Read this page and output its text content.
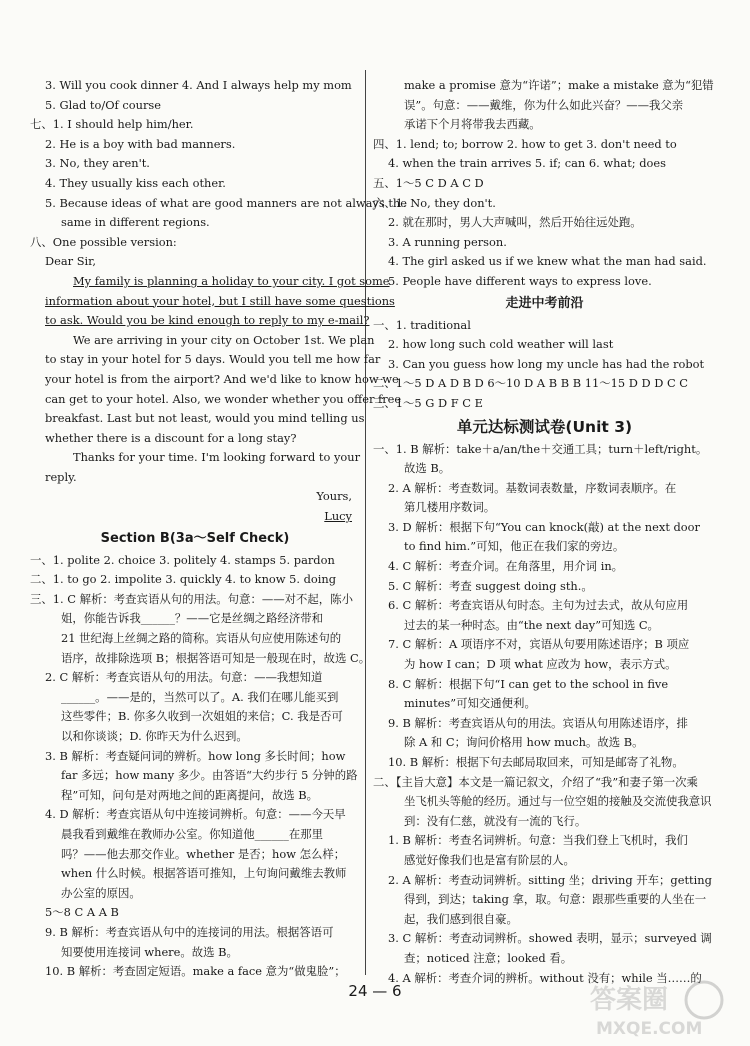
3. Will you cook dinner 4. And I always help my mom
5. Glad to/Of course
七、1. I should help him/her.
2. He is a boy with bad manners.
3. No, they aren't.
4. They usually kiss each other.
5. Because ideas of what are good manners are not always the
same in different regions.
八、One possible version:
Dear Sir,
My family is planning a holiday to your city. I got some
information about your hotel, but I still have some questions
to ask. Would you be kind enough to reply to my e-mail?
We are arriving in your city on October 1st. We plan
to stay in your hotel for 5 days. Would you tell me how far
your hotel is from the airport? And we'd like to know how we
can get to your hotel. Also, we wonder whether you offer free
breakfast. Last but not least, would you mind telling us
whether there is a discount for a long stay?
Thanks for your time. I'm looking forward to your
reply.
Yours,
Lucy
Section B(3a～Self Check)
一、1. polite 2. choice 3. politely 4. stamps 5. pardon
二、1. to go 2. impolite 3. quickly 4. to know 5. doing
三、1. C 解析：考查宾语从句的用法。句意：——对不起，陈小
姐，你能告诉我______？——它是丝绸之路经济带和
21 世纪海上丝绸之路的简称。宾语从句应使用陈述句的
语序，故排除选项 B；根据答语可知是一般现在时，故选 C。
2. C 解析：考查宾语从句的用法。句意：——我想知道
______。——是的，当然可以了。A. 我们在哪儿能买到
这些零件；B. 你多久收到一次姐姐的来信；C. 我是否可
以和你谈谈；D. 你昨天为什么迟到。
3. B 解析：考查疑问词的辨析。how long 多长时间；how
far 多远；how many 多少。由答语“大约步行 5 分钟的路
程”可知，问句是对两地之间的距离提问，故选 B。
4. D 解析：考查宾语从句中连接词辨析。句意：——今天早
晨我看到戴维在教师办公室。你知道他______在那里
吗？——他去那交作业。whether 是否；how 怎么样；
when 什么时候。根据答语可推知，上句询问戴维去教师
办公室的原因。
5～8 C A A B
9. B 解析：考查宾语从句中的连接词的用法。根据答语可
知要使用连接词 where。故选 B。
10. B 解析：考查固定短语。make a face 意为“做鬼脸”；
make a promise 意为“许诺”；make a mistake 意为“犯错
误”。句意：——戴维，你为什么如此兴奋？——我父亲
承诺下个月将带我去西藏。
四、1. lend; to; borrow 2. how to get 3. don't need to
4. when the train arrives 5. if; can 6. what; does
五、1～5 C D A C D
六、1. No, they don't.
2. 就在那时，男人大声喊叫，然后开始往远处跑。
3. A running person.
4. The girl asked us if we knew what the man had said.
5. People have different ways to express love.
走进中考前沿
一、1. traditional
2. how long such cold weather will last
3. Can you guess how long my uncle has had the robot
二、1～5 D A D B D 6～10 D A B B B 11～15 D D D C C
三、1～5 G D F C E
单元达标测试卷(Unit 3)
一、1. B 解析：take＋a/an/the＋交通工具；turn＋left/right。
故选 B。
2. A 解析：考查数词。基数词表数量，序数词表顺序。在
第几楼用序数词。
3. D 解析：根据下句“You can knock(敲) at the next door
to find him.”可知，他正在我们家的旁边。
4. C 解析：考查介词。在角落里，用介词 in。
5. C 解析：考查 suggest doing sth.。
6. C 解析：考查宾语从句时态。主句为过去式，故从句应用
过去的某一种时态。由“the next day”可知选 C。
7. C 解析：A 项语序不对，宾语从句要用陈述语序；B 项应
为 how I can；D 项 what 应改为 how，表示方式。
8. C 解析：根据下句“I can get to the school in five
minutes”可知交通便利。
9. B 解析：考查宾语从句的用法。宾语从句用陈述语序，排
除 A 和 C；询问价格用 how much。故选 B。
10. B 解析：根据下句去邮局取回来，可知是邮寄了礼物。
二、【主旨大意】本文是一篇记叙文，介绍了“我”和妻子第一次乘
坐飞机头等舱的经历。通过与一位空姐的接触及交流使我意识
到：没有仁慈，就没有一流的飞行。
1. B 解析：考查名词辨析。句意：当我们登上飞机时，我们
感觉好像我们也是富有阶层的人。
2. A 解析：考查动词辨析。sitting 坐；driving 开车；getting
得到，到达；taking 拿，取。句意：跟那些重要的人坐在一
起，我们感到很自豪。
3. C 解析：考查动词辨析。showed 表明，显示；surveyed 调
查；noticed 注意；looked 看。
4. A 解析：考查介词的辨析。without 没有；while 当……的
24 — 6	答案圈
MXQE.COM
